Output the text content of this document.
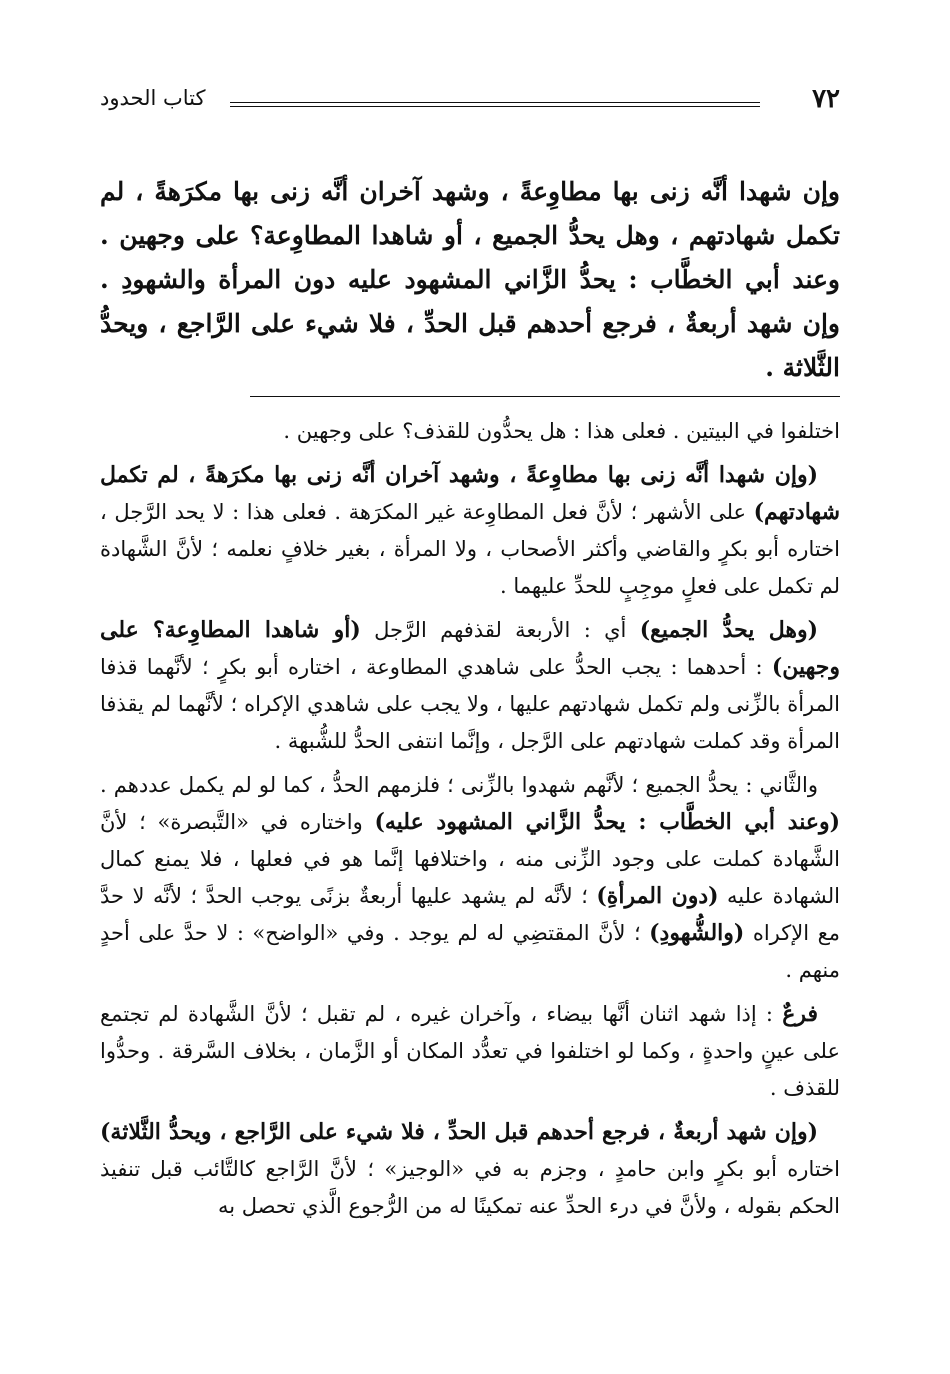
٧٢
كتاب الحدود
وإن شهدا أنَّه زنى بها مطاوِعةً ، وشهد آخران أنَّه زنى بها مكرَهةً ، لم تكمل شهادتهم ، وهل يحدُّ الجميع ، أو شاهدا المطاوِعة؟ على وجهين . وعند أبي الخطَّاب : يحدُّ الزَّاني المشهود عليه دون المرأة والشهودِ . وإن شهد أربعةٌ ، فرجع أحدهم قبل الحدِّ ، فلا شيء على الرَّاجع ، ويحدُّ الثَّلاثة .

اختلفوا في البيتين . فعلى هذا : هل يحدُّون للقذف؟ على وجهين .

(وإن شهدا أنَّه زنى بها مطاوِعةً ، وشهد آخران أنَّه زنى بها مكرَهةً ، لم تكمل شهادتهم) على الأشهر ؛ لأنَّ فعل المطاوِعة غير المكرَهة . فعلى هذا : لا يحد الرَّجل ، اختاره أبو بكرٍ والقاضي وأكثر الأصحاب ، ولا المرأة ، بغير خلافٍ نعلمه ؛ لأنَّ الشَّهادة لم تكمل على فعلٍ موجِبٍ للحدِّ عليهما .

(وهل يحدُّ الجميع) أي : الأربعة لقذفهم الرَّجل (أو شاهدا المطاوِعة؟ على وجهين) : أحدهما : يجب الحدُّ على شاهدي المطاوعة ، اختاره أبو بكرٍ ؛ لأنَّهما قذفا المرأة بالزِّنى ولم تكمل شهادتهم عليها ، ولا يجب على شاهدي الإكراه ؛ لأنَّهما لم يقذفا المرأة وقد كملت شهادتهم على الرَّجل ، وإنَّما انتفى الحدُّ للشُّبهة .

والثَّاني : يحدُّ الجميع ؛ لأنَّهم شهدوا بالزِّنى ؛ فلزمهم الحدُّ ، كما لو لم يكمل عددهم . (وعند أبي الخطَّاب : يحدُّ الزَّاني المشهود عليه) واختاره في «التَّبصرة» ؛ لأنَّ الشَّهادة كملت على وجود الزِّنى منه ، واختلافها إنَّما هو في فعلها ، فلا يمنع كمال الشهادة عليه (دون المرأةِ) ؛ لأنَّه لم يشهد عليها أربعةٌ بزنًى يوجب الحدَّ ؛ لأنَّه لا حدَّ مع الإكراه (والشُّهودِ) ؛ لأنَّ المقتضِي له لم يوجد . وفي «الواضح» : لا حدَّ على أحدٍ منهم .

فرعٌ : إذا شهد اثنان أنَّها بيضاء ، وآخران غيره ، لم تقبل ؛ لأنَّ الشَّهادة لم تجتمع على عينٍ واحدةٍ ، وكما لو اختلفوا في تعدُّد المكان أو الزَّمان ، بخلاف السَّرقة . وحدُّوا للقذف .

(وإن شهد أربعةٌ ، فرجع أحدهم قبل الحدِّ ، فلا شيء على الرَّاجع ، ويحدُّ الثَّلاثة) اختاره أبو بكرٍ وابن حامدٍ ، وجزم به في «الوجيز» ؛ لأنَّ الرَّاجع كالتَّائب قبل تنفيذ الحكم بقوله ، ولأنَّ في درء الحدِّ عنه تمكينًا له من الرُّجوع الَّذي تحصل به
